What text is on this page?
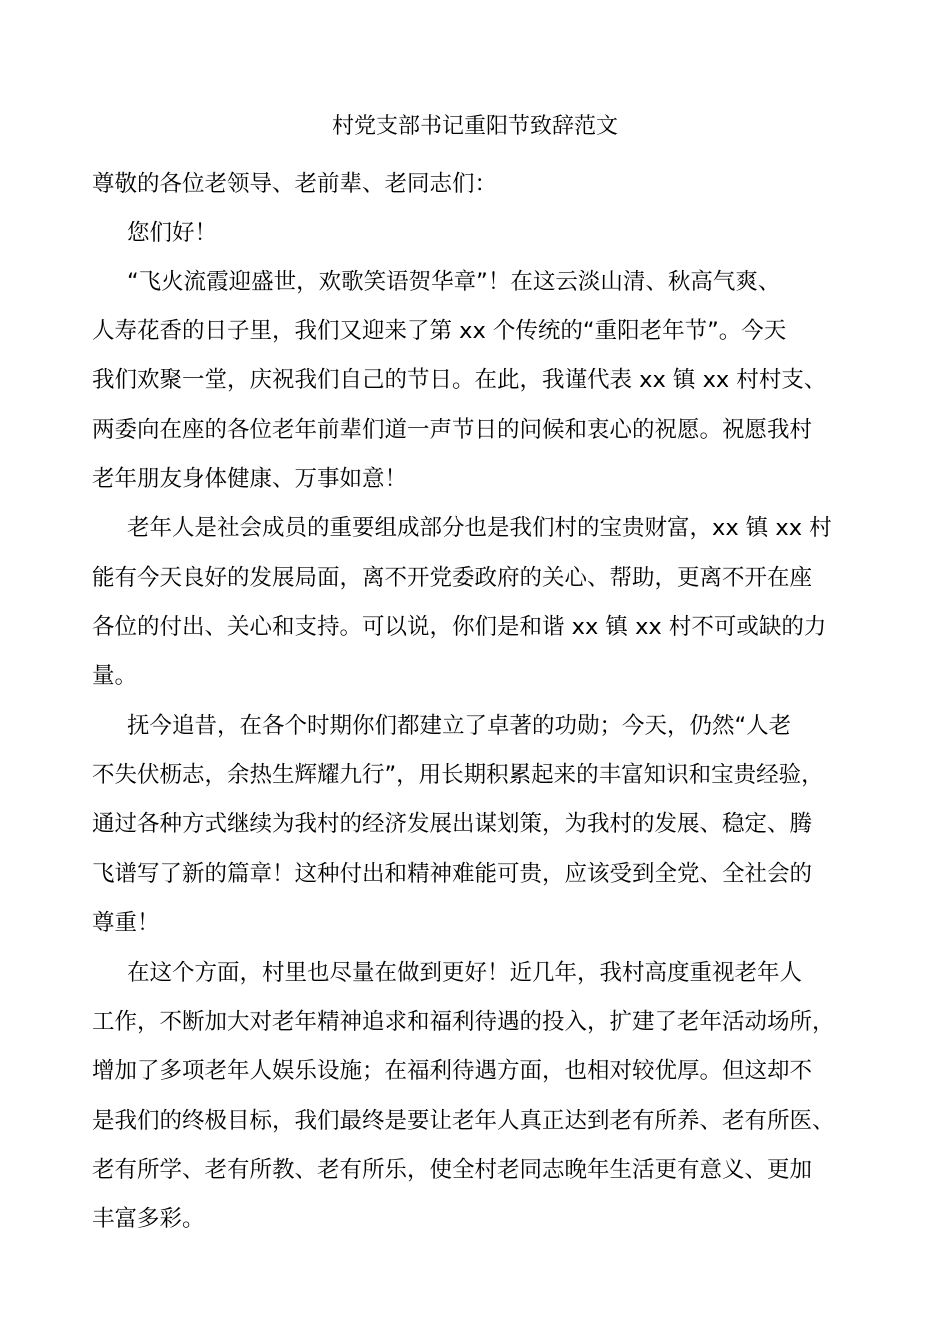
村党支部书记重阳节致辞范文
尊敬的各位老领导、老前辈、老同志们：
您们好！
“飞火流霞迎盛世，欢歌笑语贺华章”！在这云淡山清、秋高气爽、
人寿花香的日子里，我们又迎来了第 xx 个传统的“重阳老年节”。今天
我们欢聚一堂，庆祝我们自己的节日。在此，我谨代表 xx 镇 xx 村村支、
两委向在座的各位老年前辈们道一声节日的问候和衷心的祝愿。祝愿我村
老年朋友身体健康、万事如意！
老年人是社会成员的重要组成部分也是我们村的宝贵财富，xx 镇 xx 村
能有今天良好的发展局面，离不开党委政府的关心、帮助，更离不开在座
各位的付出、关心和支持。可以说，你们是和谐 xx 镇 xx 村不可或缺的力
量。
抚今追昔，在各个时期你们都建立了卓著的功勋；今天，仍然“人老
不失伏枥志，余热生辉耀九行”，用长期积累起来的丰富知识和宝贵经验，
通过各种方式继续为我村的经济发展出谋划策，为我村的发展、稳定、腾
飞谱写了新的篇章！这种付出和精神难能可贵，应该受到全党、全社会的
尊重！
在这个方面，村里也尽量在做到更好！近几年，我村高度重视老年人
工作，不断加大对老年精神追求和福利待遇的投入，扩建了老年活动场所，
增加了多项老年人娱乐设施；在福利待遇方面，也相对较优厚。但这却不
是我们的终极目标，我们最终是要让老年人真正达到老有所养、老有所医、
老有所学、老有所教、老有所乐，使全村老同志晚年生活更有意义、更加
丰富多彩。
